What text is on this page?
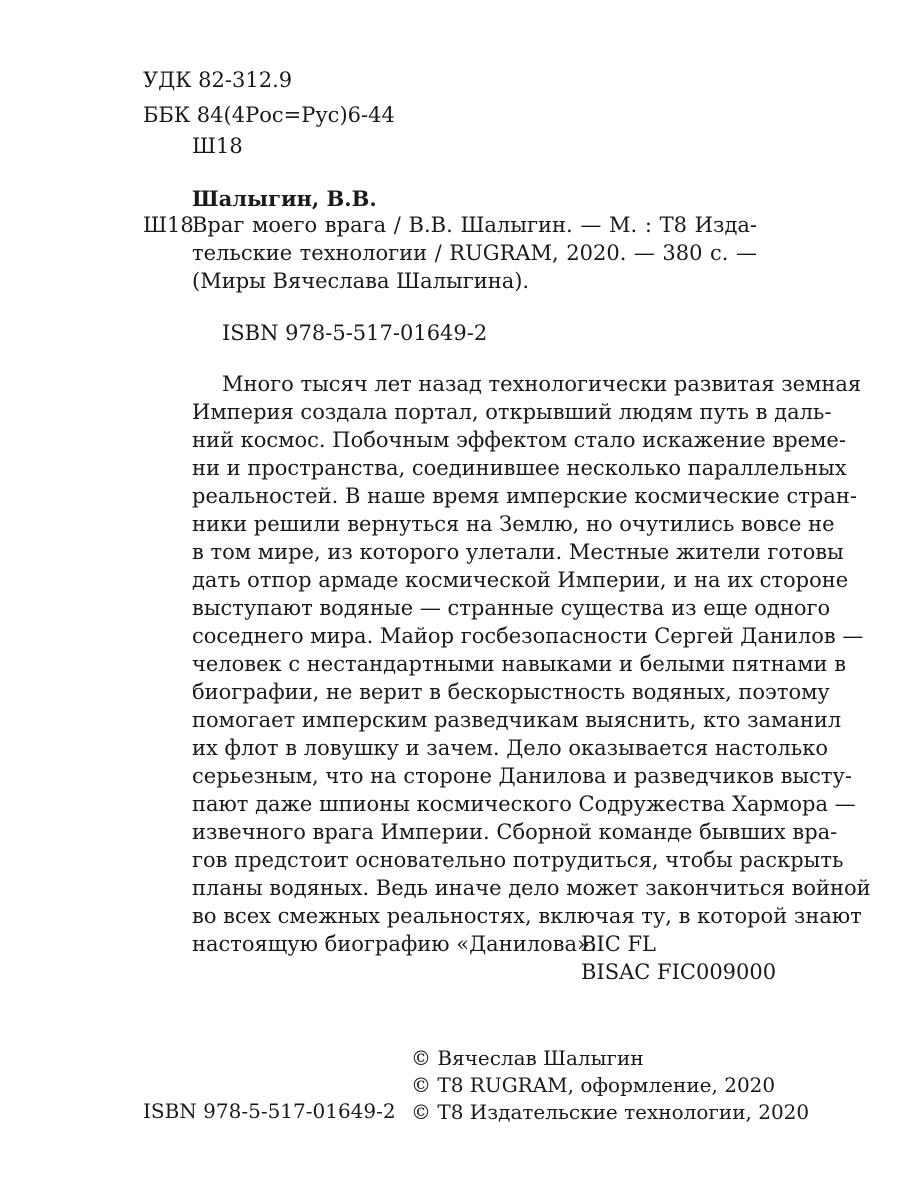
УДК 82-312.9
ББК 84(4Рос=Рус)6-44
Ш18
Шалыгин, В.В.
Ш18
Враг моего врага / В.В. Шалыгин. — М. : Т8 Изда-
тельские технологии / RUGRAM, 2020. — 380 с. —
(Миры Вячеслава Шалыгина).
ISBN 978-5-517-01649-2
Много тысяч лет назад технологически развитая земная
Империя создала портал, открывший людям путь в даль-
ний космос. Побочным эффектом стало искажение време-
ни и пространства, соединившее несколько параллельных
реальностей. В наше время имперские космические стран-
ники решили вернуться на Землю, но очутились вовсе не
в том мире, из которого улетали. Местные жители готовы
дать отпор армаде космической Империи, и на их стороне
выступают водяные — странные существа из еще одного
соседнего мира. Майор госбезопасности Сергей Данилов —
человек с нестандартными навыками и белыми пятнами в
биографии, не верит в бескорыстность водяных, поэтому
помогает имперским разведчикам выяснить, кто заманил
их флот в ловушку и зачем. Дело оказывается настолько
серьезным, что на стороне Данилова и разведчиков высту-
пают даже шпионы космического Содружества Хармора —
извечного врага Империи. Сборной команде бывших вра-
гов предстоит основательно потрудиться, чтобы раскрыть
планы водяных. Ведь иначе дело может закончиться войной
во всех смежных реальностях, включая ту, в которой знают
настоящую биографию «Данилова».
BIC FL
BISAC FIC009000
© Вячеслав Шалыгин
© Т8 RUGRAM, оформление, 2020
© Т8 Издательские технологии, 2020
ISBN 978-5-517-01649-2
